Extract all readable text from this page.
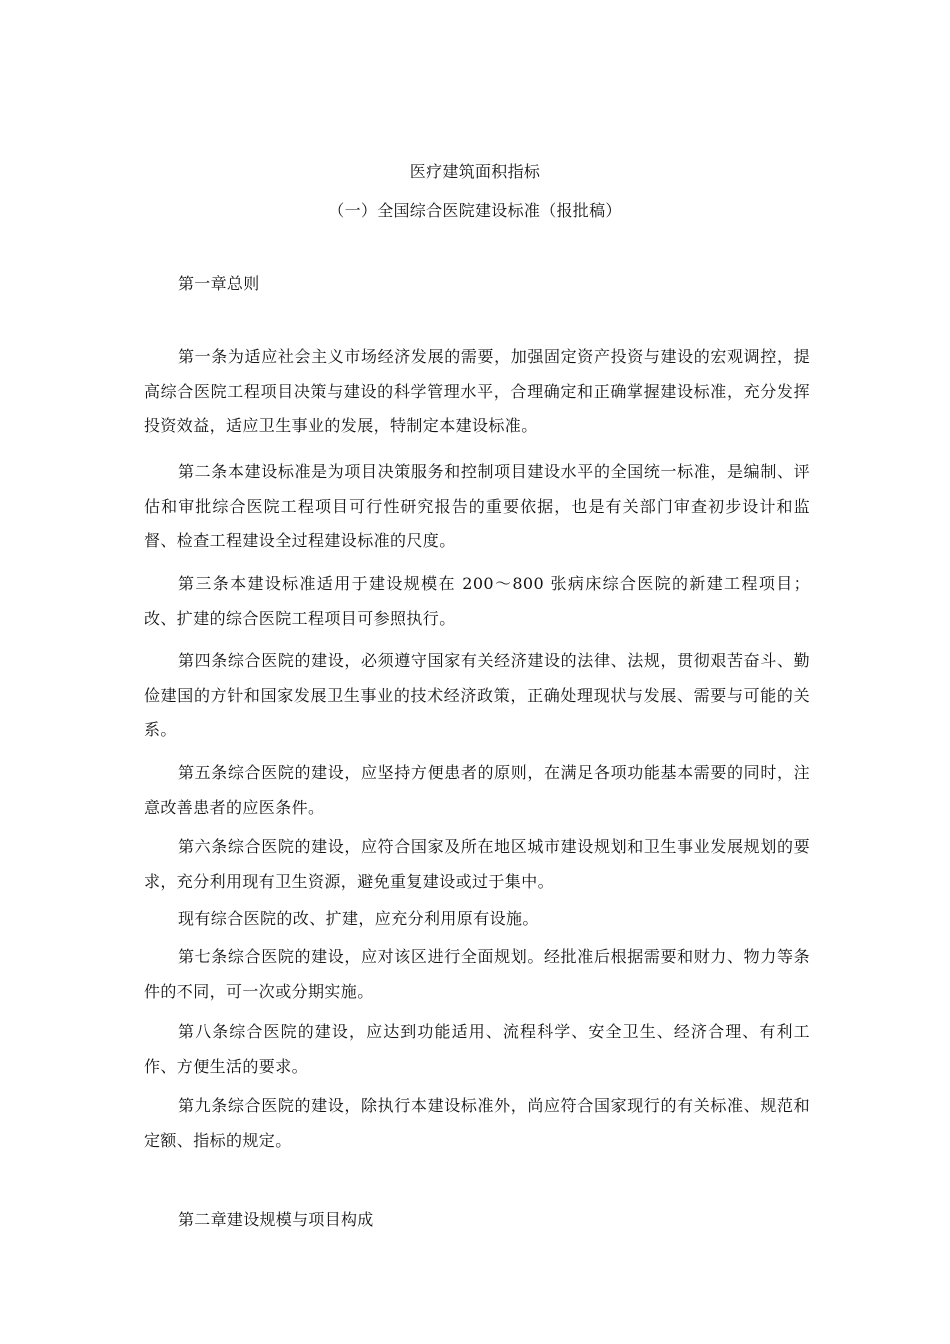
医疗建筑面积指标
（一）全国综合医院建设标准（报批稿）
第一章总则

第一条为适应社会主义市场经济发展的需要，加强固定资产投资与建设的宏观调控，提高综合医院工程项目决策与建设的科学管理水平，合理确定和正确掌握建设标准，充分发挥投资效益，适应卫生事业的发展，特制定本建设标准。

第二条本建设标准是为项目决策服务和控制项目建设水平的全国统一标准，是编制、评估和审批综合医院工程项目可行性研究报告的重要依据，也是有关部门审查初步设计和监督、检查工程建设全过程建设标准的尺度。

第三条本建设标准适用于建设规模在 200～800 张病床综合医院的新建工程项目；改、扩建的综合医院工程项目可参照执行。

第四条综合医院的建设，必须遵守国家有关经济建设的法律、法规，贯彻艰苦奋斗、勤俭建国的方针和国家发展卫生事业的技术经济政策，正确处理现状与发展、需要与可能的关系。

第五条综合医院的建设，应坚持方便患者的原则，在满足各项功能基本需要的同时，注意改善患者的应医条件。

第六条综合医院的建设，应符合国家及所在地区城市建设规划和卫生事业发展规划的要求，充分利用现有卫生资源，避免重复建设或过于集中。

现有综合医院的改、扩建，应充分利用原有设施。

第七条综合医院的建设，应对该区进行全面规划。经批准后根据需要和财力、物力等条件的不同，可一次或分期实施。

第八条综合医院的建设，应达到功能适用、流程科学、安全卫生、经济合理、有利工作、方便生活的要求。

第九条综合医院的建设，除执行本建设标准外，尚应符合国家现行的有关标准、规范和定额、指标的规定。

第二章建设规模与项目构成
